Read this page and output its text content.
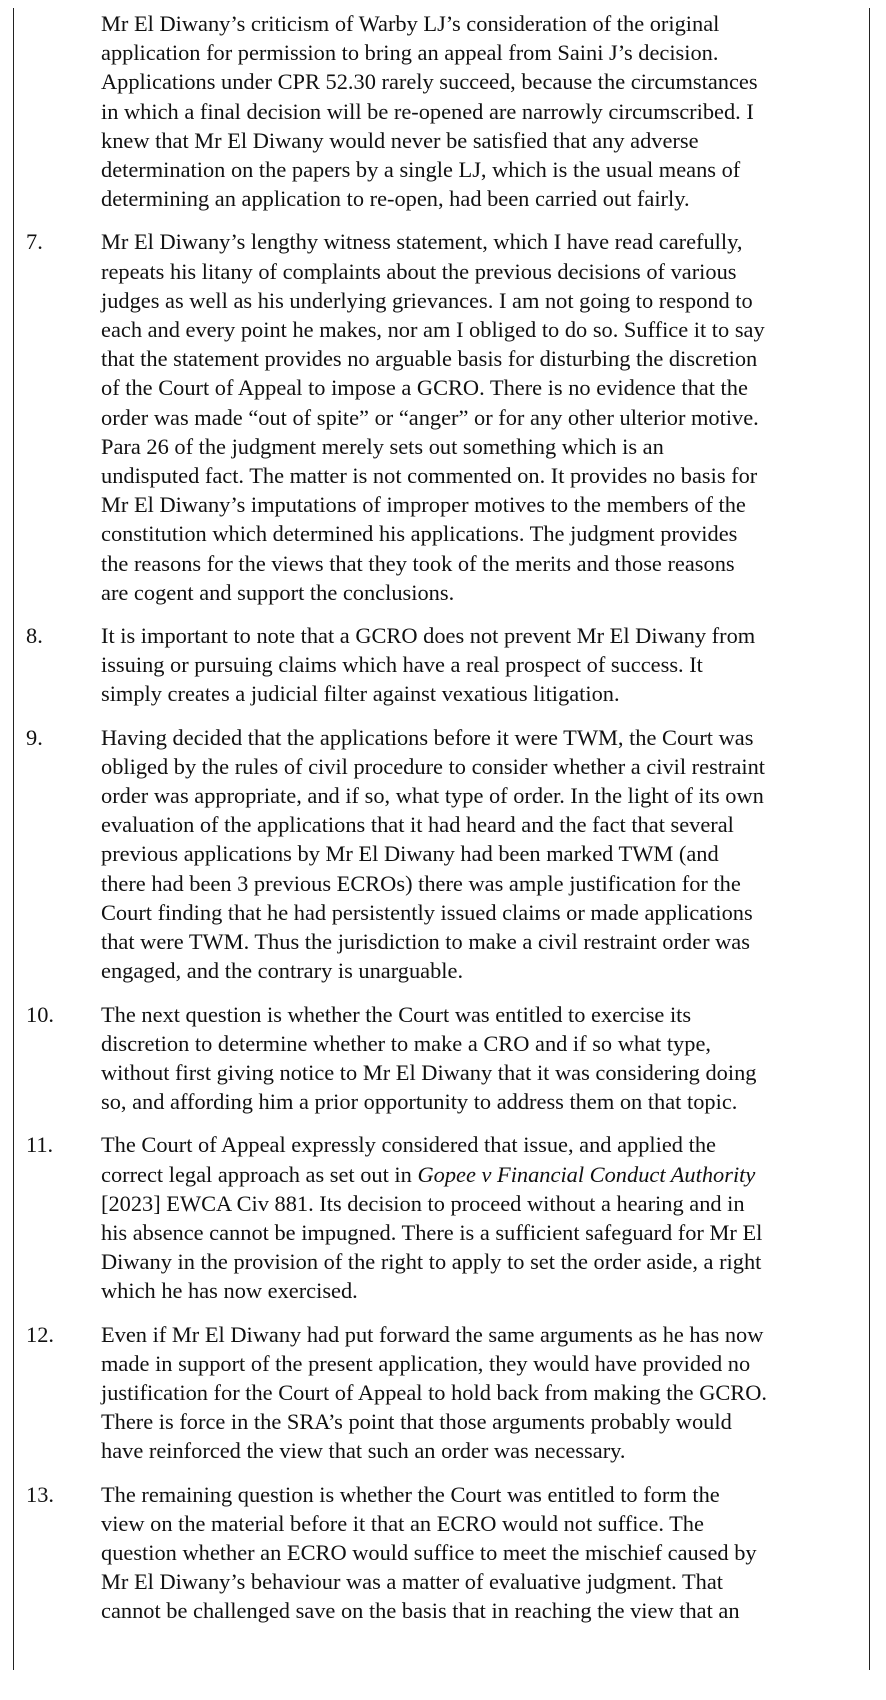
Mr El Diwany’s criticism of Warby LJ’s consideration of the original
application for permission to bring an appeal from Saini J’s decision.
Applications under CPR 52.30 rarely succeed, because the circumstances
in which a final decision will be re-opened are narrowly circumscribed. I
knew that Mr El Diwany would never be satisfied that any adverse
determination on the papers by a single LJ, which is the usual means of
determining an application to re-open, had been carried out fairly.
7.	Mr El Diwany’s lengthy witness statement, which I have read carefully,
repeats his litany of complaints about the previous decisions of various
judges as well as his underlying grievances. I am not going to respond to
each and every point he makes, nor am I obliged to do so. Suffice it to say
that the statement provides no arguable basis for disturbing the discretion
of the Court of Appeal to impose a GCRO. There is no evidence that the
order was made “out of spite” or “anger” or for any other ulterior motive.
Para 26 of the judgment merely sets out something which is an
undisputed fact. The matter is not commented on. It provides no basis for
Mr El Diwany’s imputations of improper motives to the members of the
constitution which determined his applications. The judgment provides
the reasons for the views that they took of the merits and those reasons
are cogent and support the conclusions.
8.	It is important to note that a GCRO does not prevent Mr El Diwany from
issuing or pursuing claims which have a real prospect of success. It
simply creates a judicial filter against vexatious litigation.
9.	Having decided that the applications before it were TWM, the Court was
obliged by the rules of civil procedure to consider whether a civil restraint
order was appropriate, and if so, what type of order. In the light of its own
evaluation of the applications that it had heard and the fact that several
previous applications by Mr El Diwany had been marked TWM (and
there had been 3 previous ECROs) there was ample justification for the
Court finding that he had persistently issued claims or made applications
that were TWM. Thus the jurisdiction to make a civil restraint order was
engaged, and the contrary is unarguable.
10.	The next question is whether the Court was entitled to exercise its
discretion to determine whether to make a CRO and if so what type,
without first giving notice to Mr El Diwany that it was considering doing
so, and affording him a prior opportunity to address them on that topic.
11.	The Court of Appeal expressly considered that issue, and applied the
correct legal approach as set out in Gopee v Financial Conduct Authority
[2023] EWCA Civ 881. Its decision to proceed without a hearing and in
his absence cannot be impugned. There is a sufficient safeguard for Mr El
Diwany in the provision of the right to apply to set the order aside, a right
which he has now exercised.
12.	Even if Mr El Diwany had put forward the same arguments as he has now
made in support of the present application, they would have provided no
justification for the Court of Appeal to hold back from making the GCRO.
There is force in the SRA’s point that those arguments probably would
have reinforced the view that such an order was necessary.
13.	The remaining question is whether the Court was entitled to form the
view on the material before it that an ECRO would not suffice. The
question whether an ECRO would suffice to meet the mischief caused by
Mr El Diwany’s behaviour was a matter of evaluative judgment. That
cannot be challenged save on the basis that in reaching the view that an
